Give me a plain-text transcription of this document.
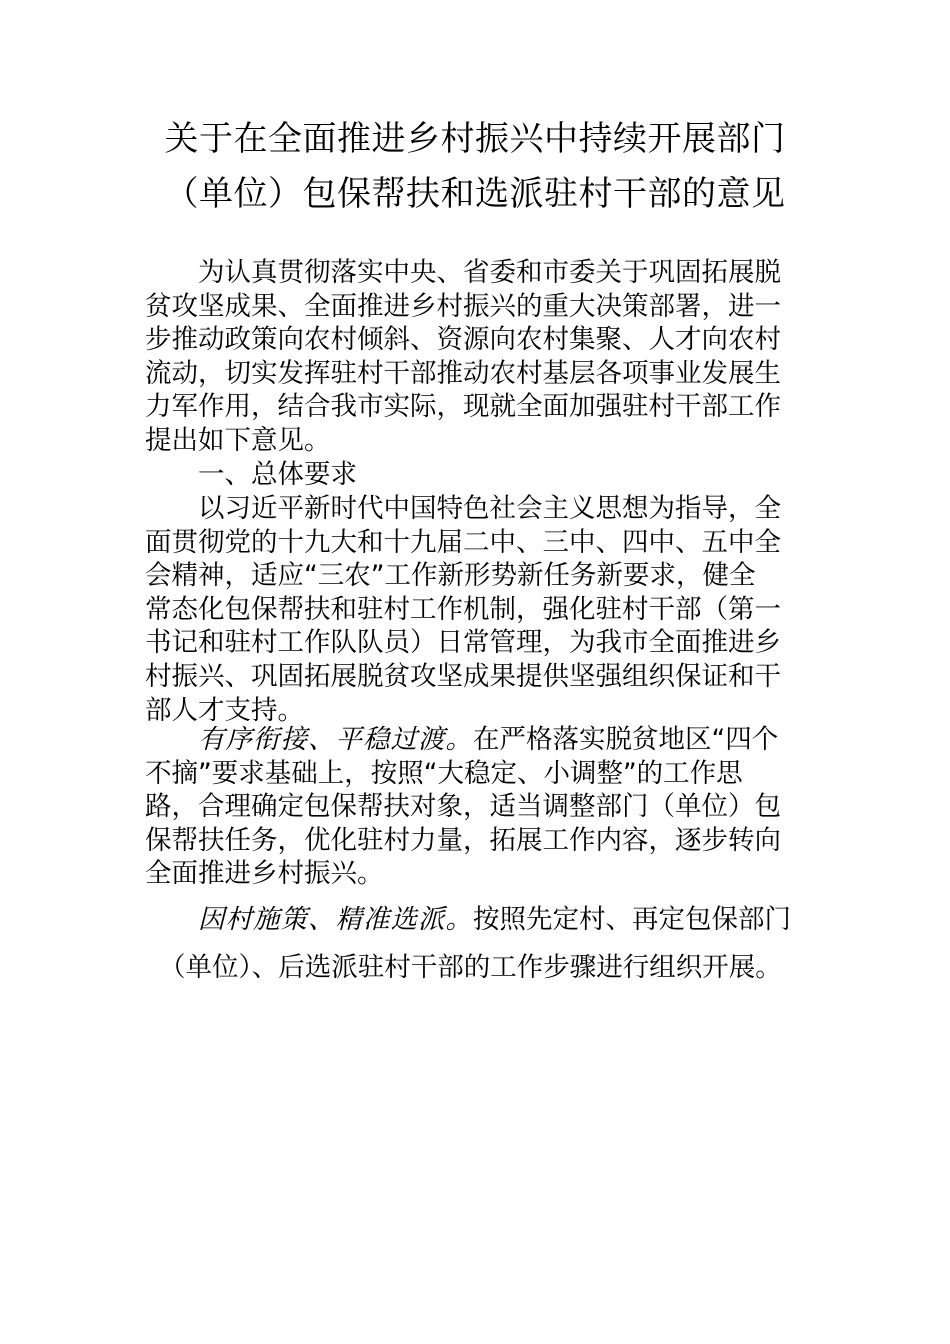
关于在全面推进乡村振兴中持续开展部门
（单位）包保帮扶和选派驻村干部的意见
为认真贯彻落实中央、省委和市委关于巩固拓展脱
贫攻坚成果、全面推进乡村振兴的重大决策部署，进一
步推动政策向农村倾斜、资源向农村集聚、人才向农村
流动，切实发挥驻村干部推动农村基层各项事业发展生
力军作用，结合我市实际，现就全面加强驻村干部工作
提出如下意见。
一、总体要求
以习近平新时代中国特色社会主义思想为指导，全
面贯彻党的十九大和十九届二中、三中、四中、五中全
会精神，适应“三农”工作新形势新任务新要求，健全
常态化包保帮扶和驻村工作机制，强化驻村干部（第一
书记和驻村工作队队员）日常管理，为我市全面推进乡
村振兴、巩固拓展脱贫攻坚成果提供坚强组织保证和干
部人才支持。
有序衔接、平稳过渡。在严格落实脱贫地区“四个
不摘”要求基础上，按照“大稳定、小调整”的工作思
路，合理确定包保帮扶对象，适当调整部门（单位）包
保帮扶任务，优化驻村力量，拓展工作内容，逐步转向
全面推进乡村振兴。
因村施策、精准选派。按照先定村、再定包保部门
（单位）、后选派驻村干部的工作步骤进行组织开展。
